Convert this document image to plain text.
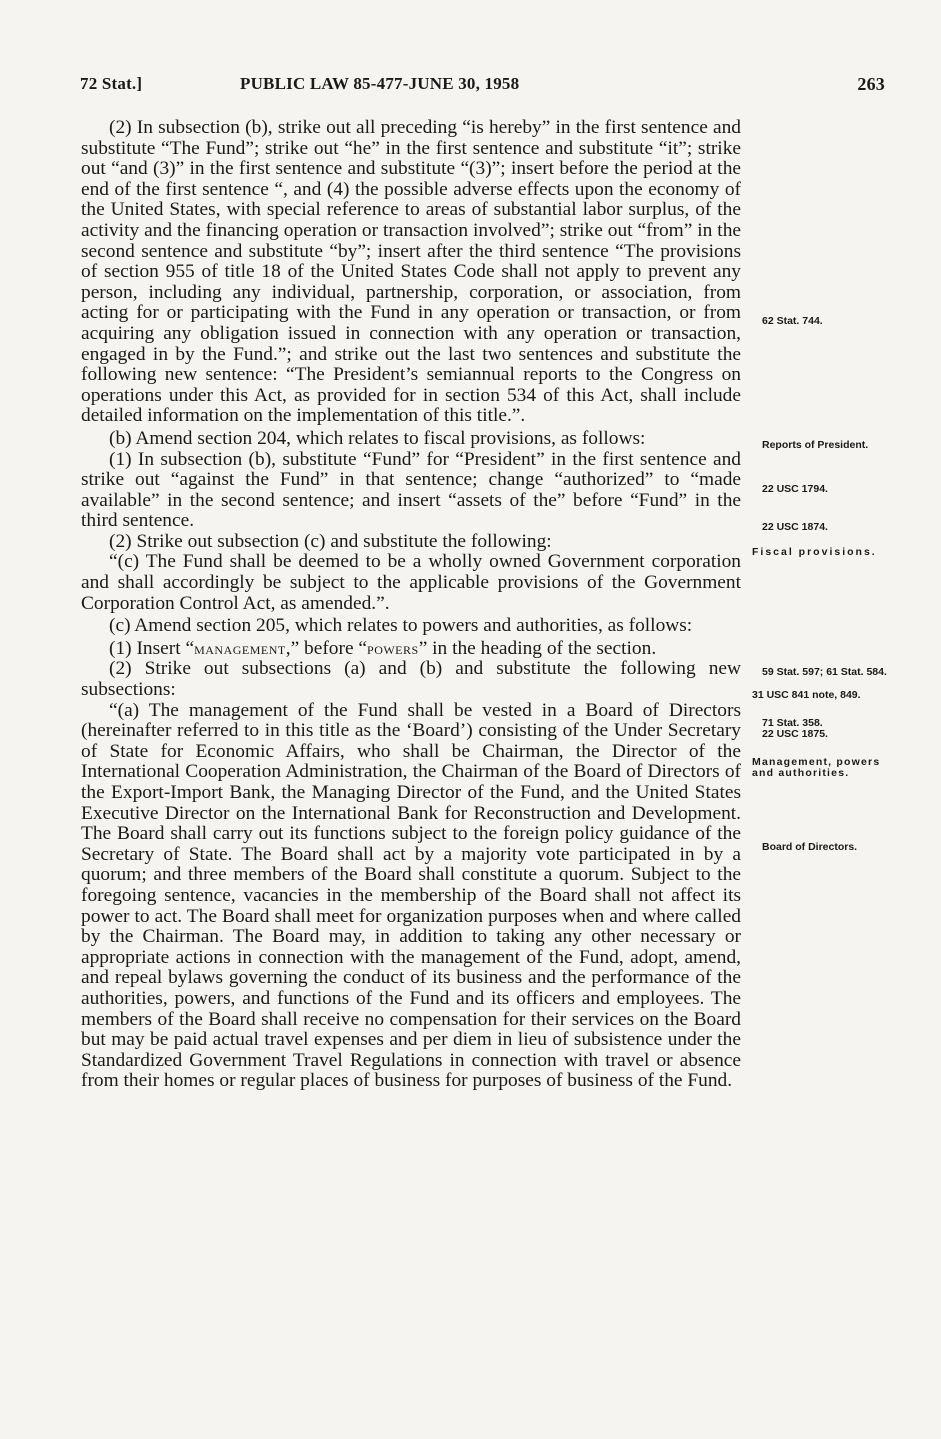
72 Stat.]	PUBLIC LAW 85-477-JUNE 30, 1958	263

(2) In subsection (b), strike out all preceding “is hereby” in the first sentence and substitute “The Fund”; strike out “he” in the first sentence and substitute “it”; strike out “and (3)” in the first sentence and substitute “(3)”; insert before the period at the end of the first sentence “, and (4) the possible adverse effects upon the economy of the United States, with special reference to areas of substantial labor surplus, of the activity and the financing operation or transaction involved”; strike out “from” in the second sentence and substitute “by”; insert after the third sentence “The provisions of section 955 of title 18 of the United States Code shall not apply to prevent any person, including any individual, partnership, corporation, or association, from acting for or participating with the Fund in any operation or transaction, or from acquiring any obligation issued in connection with any operation or transaction, engaged in by the Fund.”; and strike out the last two sentences and substitute the following new sentence: “The President’s semiannual reports to the Congress on operations under this Act, as provided for in section 534 of this Act, shall include detailed information on the implementation of this title.”.

(b) Amend section 204, which relates to fiscal provisions, as follows:

(1) In subsection (b), substitute “Fund” for “President” in the first sentence and strike out “against the Fund” in that sentence; change “authorized” to “made available” in the second sentence; and insert “assets of the” before “Fund” in the third sentence.

(2) Strike out subsection (c) and substitute the following:

“(c) The Fund shall be deemed to be a wholly owned Government corporation and shall accordingly be subject to the applicable provisions of the Government Corporation Control Act, as amended.”.

(c) Amend section 205, which relates to powers and authorities, as follows:

(1) Insert “management,” before “powers” in the heading of the section.

(2) Strike out subsections (a) and (b) and substitute the following new subsections:

“(a) The management of the Fund shall be vested in a Board of Directors (hereinafter referred to in this title as the ‘Board’) consisting of the Under Secretary of State for Economic Affairs, who shall be Chairman, the Director of the International Cooperation Administration, the Chairman of the Board of Directors of the Export-Import Bank, the Managing Director of the Fund, and the United States Executive Director on the International Bank for Reconstruction and Development. The Board shall carry out its functions subject to the foreign policy guidance of the Secretary of State. The Board shall act by a majority vote participated in by a quorum; and three members of the Board shall constitute a quorum. Subject to the foregoing sentence, vacancies in the membership of the Board shall not affect its power to act. The Board shall meet for organization purposes when and where called by the Chairman. The Board may, in addition to taking any other necessary or appropriate actions in connection with the management of the Fund, adopt, amend, and repeal bylaws governing the conduct of its business and the performance of the authorities, powers, and functions of the Fund and its officers and employees. The members of the Board shall receive no compensation for their services on the Board but may be paid actual travel expenses and per diem in lieu of subsistence under the Standardized Government Travel Regulations in connection with travel or absence from their homes or regular places of business for purposes of business of the Fund.

62 Stat. 744.
Reports of President.
22 USC 1794.
22 USC 1874.
Fiscal provisions.
59 Stat. 597; 61 Stat. 584.
31 USC 841 note, 849.
71 Stat. 358.
22 USC 1875.
Management, powers and authorities.
Board of Directors.
